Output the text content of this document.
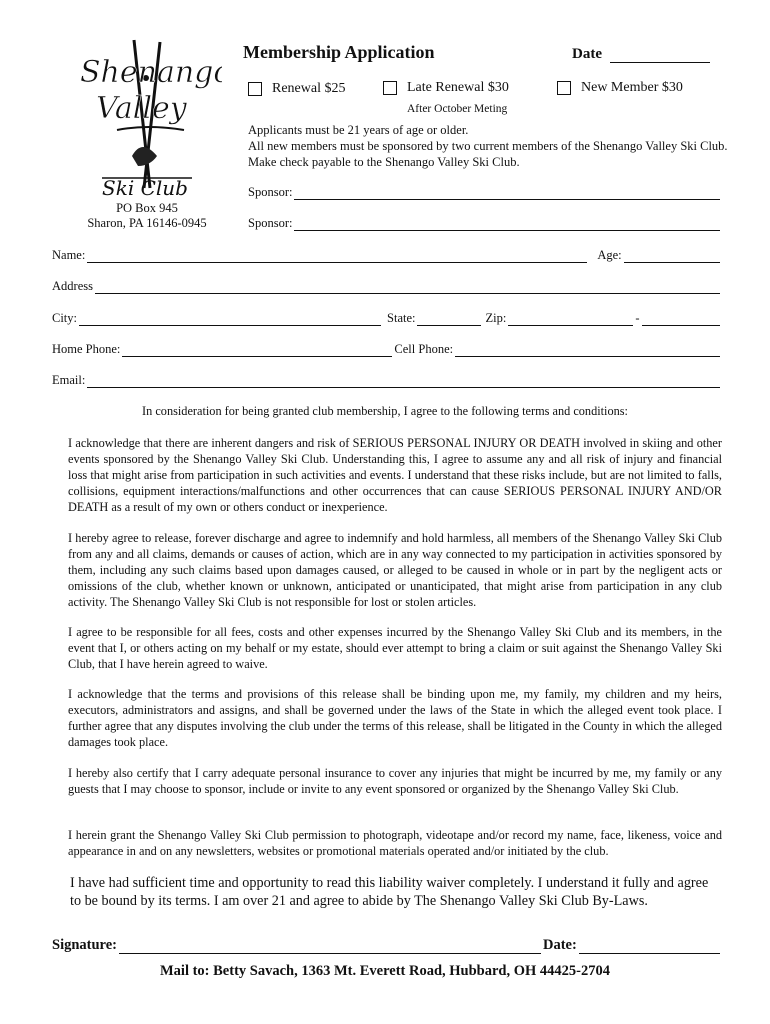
Shenango
Valley
Ski Club
PO Box 945
Sharon, PA 16146-0945
Membership Application	Date
Renewal $25	Late Renewal $30	New Member $30
After October Meting
Applicants must be 21 years of age or older.
All new members must be sponsored by two current members of the Shenango Valley Ski Club. Make check payable to the Shenango Valley Ski Club.
Sponsor:
Sponsor:
Name:	Age:
Address
City:	State:	Zip:	-
Home Phone:	Cell Phone:
Email:
In consideration for being granted club membership, I agree to the following terms and conditions:
I acknowledge that there are inherent dangers and risk of SERIOUS PERSONAL INJURY OR DEATH involved in skiing and other events sponsored by the Shenango Valley Ski Club. Understanding this, I agree to assume any and all risk of injury and financial loss that might arise from participation in such activities and events. I understand that these risks include, but are not limited to falls, collisions, equipment interactions/malfunctions and other occurrences that can cause SERIOUS PERSONAL INJURY AND/OR DEATH as a result of my own or others conduct or inexperience.
I hereby agree to release, forever discharge and agree to indemnify and hold harmless, all members of the Shenango Valley Ski Club from any and all claims, demands or causes of action, which are in any way connected to my participation in activities sponsored by them, including any such claims based upon damages caused, or alleged to be caused in whole or in part by the negligent acts or omissions of the club, whether known or unknown, anticipated or unanticipated, that might arise from participation in any club activity. The Shenango Valley Ski Club is not responsible for lost or stolen articles.
I agree to be responsible for all fees, costs and other expenses incurred by the Shenango Valley Ski Club and its members, in the event that I, or others acting on my behalf or my estate, should ever attempt to bring a claim or suit against the Shenango Valley Ski Club, that I have herein agreed to waive.
I acknowledge that the terms and provisions of this release shall be binding upon me, my family, my children and my heirs, executors, administrators and assigns, and shall be governed under the laws of the State in which the alleged event took place. I further agree that any disputes involving the club under the terms of this release, shall be litigated in the County in which the alleged damages took place.
I hereby also certify that I carry adequate personal insurance to cover any injuries that might be incurred by me, my family or any guests that I may choose to sponsor, include or invite to any event sponsored or organized by the Shenango Valley Ski Club.
I herein grant the Shenango Valley Ski Club permission to photograph, videotape and/or record my name, face, likeness, voice and appearance in and on any newsletters, websites or promotional materials operated and/or initiated by the club.
I have had sufficient time and opportunity to read this liability waiver completely. I understand it fully and agree to be bound by its terms. I am over 21 and agree to abide by The Shenango Valley Ski Club By-Laws.
Signature:	Date:
Mail to: Betty Savach, 1363 Mt. Everett Road, Hubbard, OH 44425-2704
